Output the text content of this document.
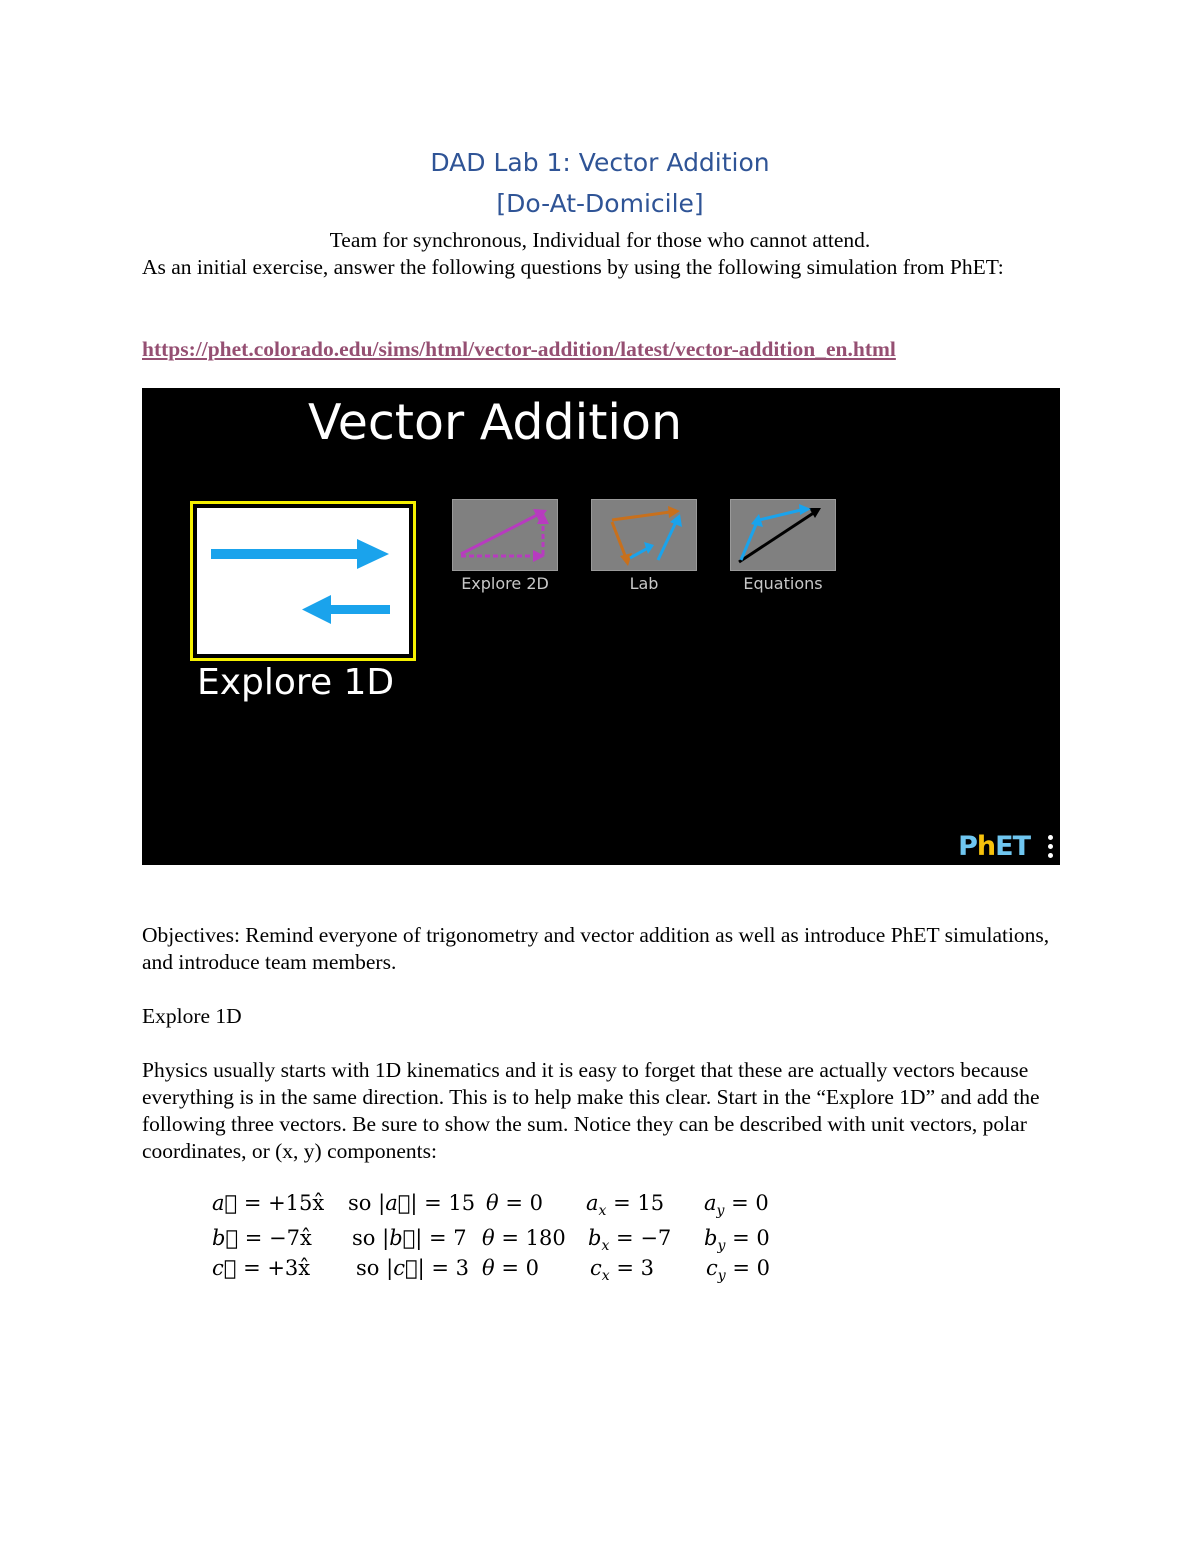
DAD Lab 1: Vector Addition
[Do-At-Domicile]
Team for synchronous, Individual for those who cannot attend.
As an initial exercise, answer the following questions by using the following simulation from PhET:
https://phet.colorado.edu/sims/html/vector-addition/latest/vector-addition_en.html
Vector Addition
Explore 1D
Explore 2D	Lab	Equations
PhET
Objectives: Remind everyone of trigonometry and vector addition as well as introduce PhET simulations, and introduce team members.
Explore 1D
Physics usually starts with 1D kinematics and it is easy to forget that these are actually vectors because everything is in the same direction. This is to help make this clear. Start in the “Explore 1D” and add the following three vectors. Be sure to show the sum. Notice they can be described with unit vectors, polar coordinates, or (x, y) components:
a⃗ = +15x̂ so |a⃗| = 15 θ = 0 $a_x = 15$ $a_y = 0$
b⃗ = −7x̂ so |b⃗| = 7 θ = 180 $b_x = -7$ $b_y = 0$
c⃗ = +3x̂ so |c⃗| = 3 θ = 0 $c_x = 3$ $c_y = 0$
